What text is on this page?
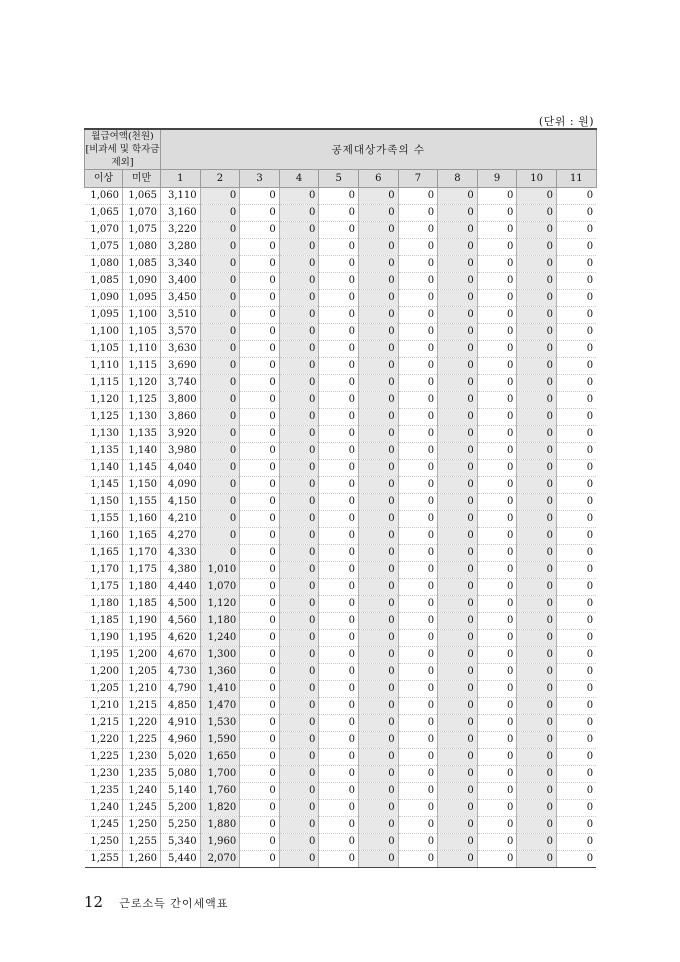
(단위 : 원)
월급여액(천원)
[비과세 및 학자금 제외]		공제대상가족의 수										
이상	미만	1	2	3	4	5	6	7	8	9	10	11
1,060	1,065	3,110	0	0	0	0	0	0	0	0	0	0
1,065	1,070	3,160	0	0	0	0	0	0	0	0	0	0
1,070	1,075	3,220	0	0	0	0	0	0	0	0	0	0
1,075	1,080	3,280	0	0	0	0	0	0	0	0	0	0
1,080	1,085	3,340	0	0	0	0	0	0	0	0	0	0
1,085	1,090	3,400	0	0	0	0	0	0	0	0	0	0
1,090	1,095	3,450	0	0	0	0	0	0	0	0	0	0
1,095	1,100	3,510	0	0	0	0	0	0	0	0	0	0
1,100	1,105	3,570	0	0	0	0	0	0	0	0	0	0
1,105	1,110	3,630	0	0	0	0	0	0	0	0	0	0
1,110	1,115	3,690	0	0	0	0	0	0	0	0	0	0
1,115	1,120	3,740	0	0	0	0	0	0	0	0	0	0
1,120	1,125	3,800	0	0	0	0	0	0	0	0	0	0
1,125	1,130	3,860	0	0	0	0	0	0	0	0	0	0
1,130	1,135	3,920	0	0	0	0	0	0	0	0	0	0
1,135	1,140	3,980	0	0	0	0	0	0	0	0	0	0
1,140	1,145	4,040	0	0	0	0	0	0	0	0	0	0
1,145	1,150	4,090	0	0	0	0	0	0	0	0	0	0
1,150	1,155	4,150	0	0	0	0	0	0	0	0	0	0
1,155	1,160	4,210	0	0	0	0	0	0	0	0	0	0
1,160	1,165	4,270	0	0	0	0	0	0	0	0	0	0
1,165	1,170	4,330	0	0	0	0	0	0	0	0	0	0
1,170	1,175	4,380	1,010	0	0	0	0	0	0	0	0	0
1,175	1,180	4,440	1,070	0	0	0	0	0	0	0	0	0
1,180	1,185	4,500	1,120	0	0	0	0	0	0	0	0	0
1,185	1,190	4,560	1,180	0	0	0	0	0	0	0	0	0
1,190	1,195	4,620	1,240	0	0	0	0	0	0	0	0	0
1,195	1,200	4,670	1,300	0	0	0	0	0	0	0	0	0
1,200	1,205	4,730	1,360	0	0	0	0	0	0	0	0	0
1,205	1,210	4,790	1,410	0	0	0	0	0	0	0	0	0
1,210	1,215	4,850	1,470	0	0	0	0	0	0	0	0	0
1,215	1,220	4,910	1,530	0	0	0	0	0	0	0	0	0
1,220	1,225	4,960	1,590	0	0	0	0	0	0	0	0	0
1,225	1,230	5,020	1,650	0	0	0	0	0	0	0	0	0
1,230	1,235	5,080	1,700	0	0	0	0	0	0	0	0	0
1,235	1,240	5,140	1,760	0	0	0	0	0	0	0	0	0
1,240	1,245	5,200	1,820	0	0	0	0	0	0	0	0	0
1,245	1,250	5,250	1,880	0	0	0	0	0	0	0	0	0
1,250	1,255	5,340	1,960	0	0	0	0	0	0	0	0	0
1,255	1,260	5,440	2,070	0	0	0	0	0	0	0	0	0
12 근로소득 간이세액표
